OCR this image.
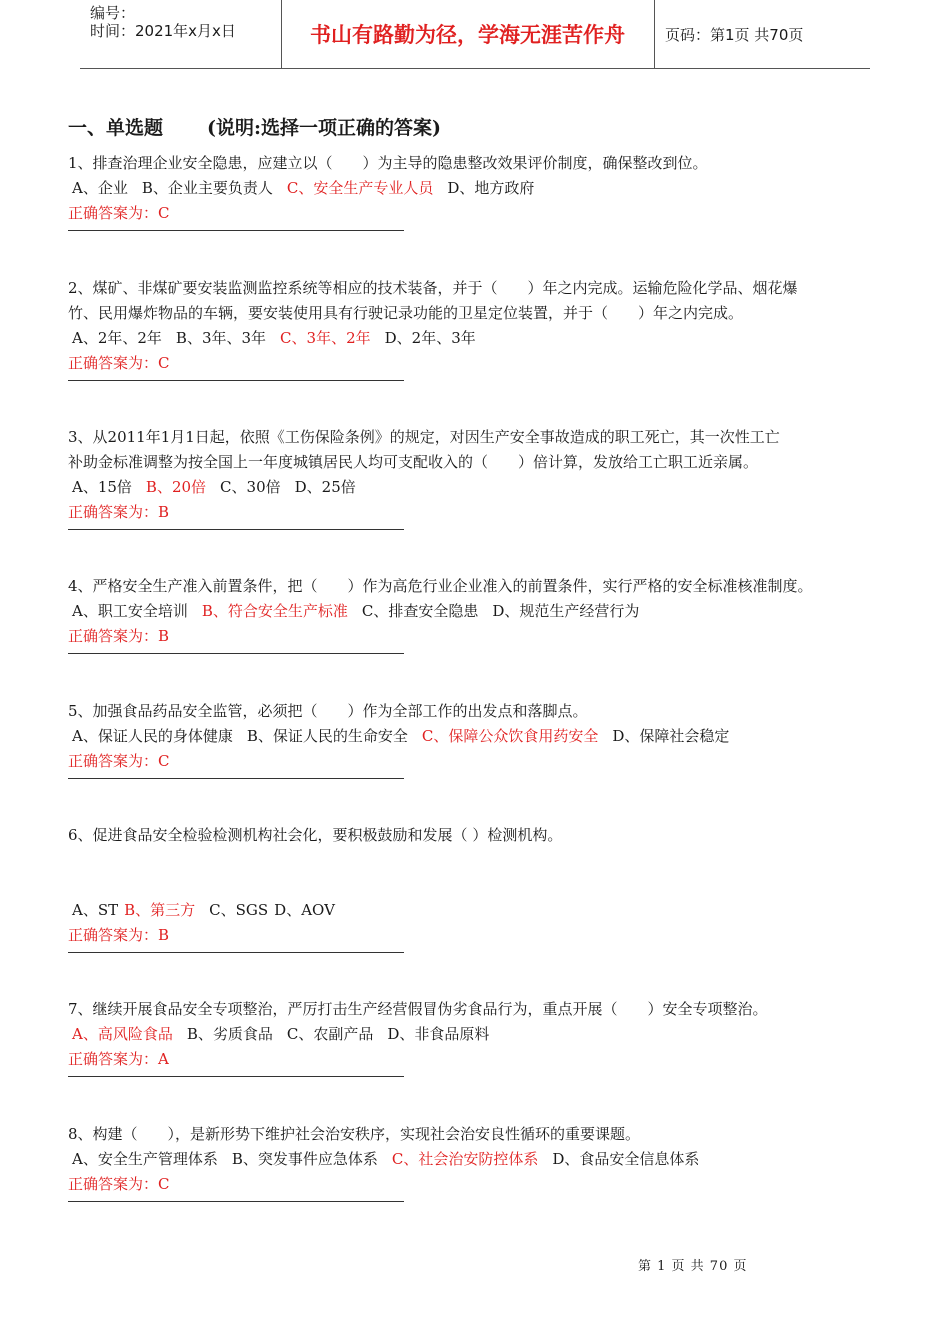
编号：
时间：2021年x月x日	书山有路勤为径，学海无涯苦作舟	页码：第1页 共70页
一、单选题 (说明:选择一项正确的答案)
1、排查治理企业安全隐患，应建立以（　　）为主导的隐患整改效果评价制度，确保整改到位。
A、企业 B、企业主要负责人 C、安全生产专业人员 D、地方政府
正确答案为：C
2、煤矿、非煤矿要安装监测监控系统等相应的技术装备，并于（　　）年之内完成。运输危险化学品、烟花爆
竹、民用爆炸物品的车辆，要安装使用具有行驶记录功能的卫星定位装置，并于（　　）年之内完成。
A、2年、2年 B、3年、3年 C、3年、2年 D、2年、3年
正确答案为：C
3、从2011年1月1日起，依照《工伤保险条例》的规定，对因生产安全事故造成的职工死亡，其一次性工亡
补助金标准调整为按全国上一年度城镇居民人均可支配收入的（　　）倍计算，发放给工亡职工近亲属。
A、15倍 B、20倍 C、30倍 D、25倍
正确答案为：B
4、严格安全生产准入前置条件，把（　　）作为高危行业企业准入的前置条件，实行严格的安全标准核准制度。
A、职工安全培训 B、符合安全生产标准 C、排查安全隐患 D、规范生产经营行为
正确答案为：B
5、加强食品药品安全监管，必须把（　　）作为全部工作的出发点和落脚点。
A、保证人民的身体健康 B、保证人民的生命安全 C、保障公众饮食用药安全 D、保障社会稳定
正确答案为：C
6、促进食品安全检验检测机构社会化，要积极鼓励和发展（ ）检测机构。
A、ST B、第三方 C、SGS D、AOV
正确答案为：B
7、继续开展食品安全专项整治，严厉打击生产经营假冒伪劣食品行为，重点开展（　　）安全专项整治。
A、高风险食品 B、劣质食品 C、农副产品 D、非食品原料
正确答案为：A
8、构建（　　），是新形势下维护社会治安秩序，实现社会治安良性循环的重要课题。
A、安全生产管理体系 B、突发事件应急体系 C、社会治安防控体系 D、食品安全信息体系
正确答案为：C
第 1 页 共 70 页
